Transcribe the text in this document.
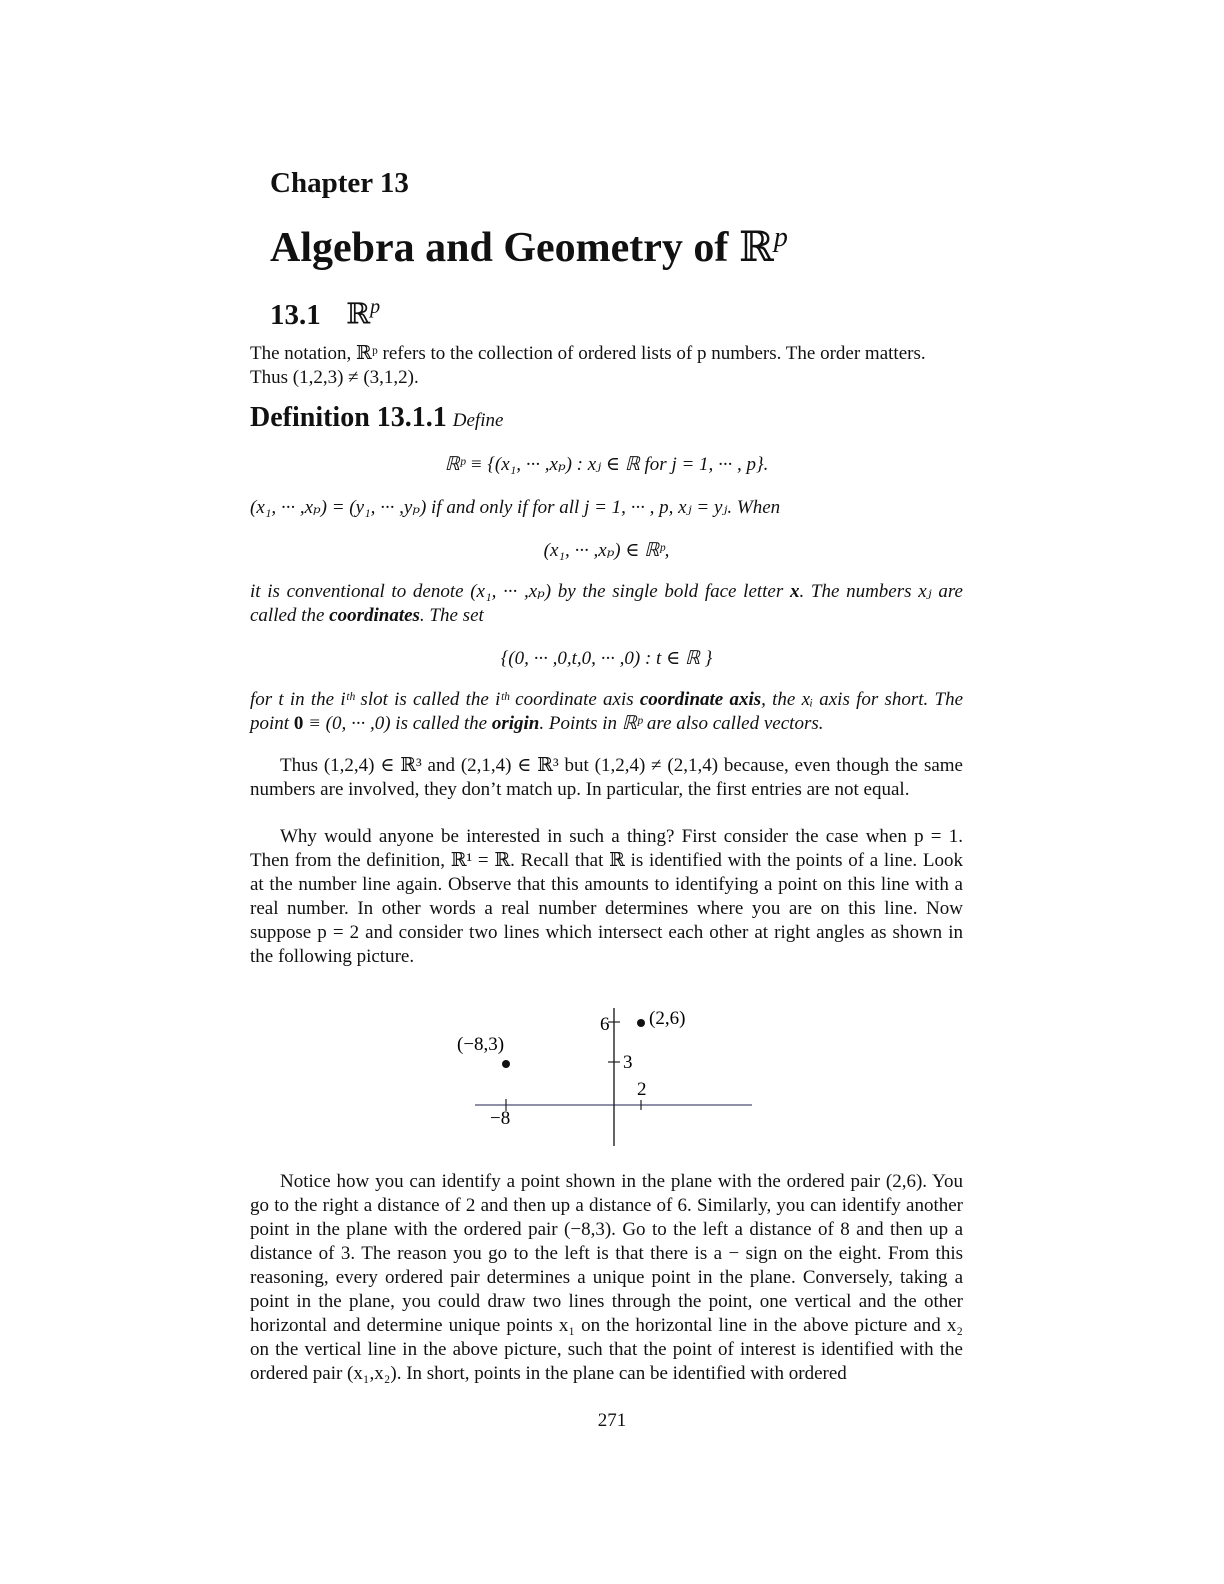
Chapter 13
Algebra and Geometry of ℝ$^p$
13.1 ℝ$^p$

The notation, ℝᵖ refers to the collection of ordered lists of p numbers. The order matters.
Thus (1,2,3) ≠ (3,1,2).

Definition 13.1.1 Define
ℝᵖ ≡ {(x₁, ··· ,xₚ) : xⱼ ∈ ℝ for j = 1, ··· , p}.

(x₁, ··· ,xₚ) = (y₁, ··· ,yₚ) if and only if for all j = 1, ··· , p, xⱼ = yⱼ. When

(x₁, ··· ,xₚ) ∈ ℝᵖ,

it is conventional to denote (x₁, ··· ,xₚ) by the single bold face letter x. The numbers xⱼ are called the coordinates. The set

{(0, ··· ,0,t,0, ··· ,0) : t ∈ ℝ }

for t in the iᵗʰ slot is called the iᵗʰ coordinate axis coordinate axis, the xᵢ axis for short. The point 0 ≡ (0, ··· ,0) is called the origin. Points in ℝᵖ are also called vectors.

Thus (1,2,4) ∈ ℝ³ and (2,1,4) ∈ ℝ³ but (1,2,4) ≠ (2,1,4) because, even though the same numbers are involved, they don’t match up. In particular, the first entries are not equal.

Why would anyone be interested in such a thing? First consider the case when p = 1. Then from the definition, ℝ¹ = ℝ. Recall that ℝ is identified with the points of a line. Look at the number line again. Observe that this amounts to identifying a point on this line with a real number. In other words a real number determines where you are on this line. Now suppose p = 2 and consider two lines which intersect each other at right angles as shown in the following picture.

6
3
2
−8
(2,6)
(−8,3)

Notice how you can identify a point shown in the plane with the ordered pair (2,6). You go to the right a distance of 2 and then up a distance of 6. Similarly, you can identify another point in the plane with the ordered pair (−8,3). Go to the left a distance of 8 and then up a distance of 3. The reason you go to the left is that there is a − sign on the eight. From this reasoning, every ordered pair determines a unique point in the plane. Conversely, taking a point in the plane, you could draw two lines through the point, one vertical and the other horizontal and determine unique points x₁ on the horizontal line in the above picture and x₂ on the vertical line in the above picture, such that the point of interest is identified with the ordered pair (x₁,x₂). In short, points in the plane can be identified with ordered

271
